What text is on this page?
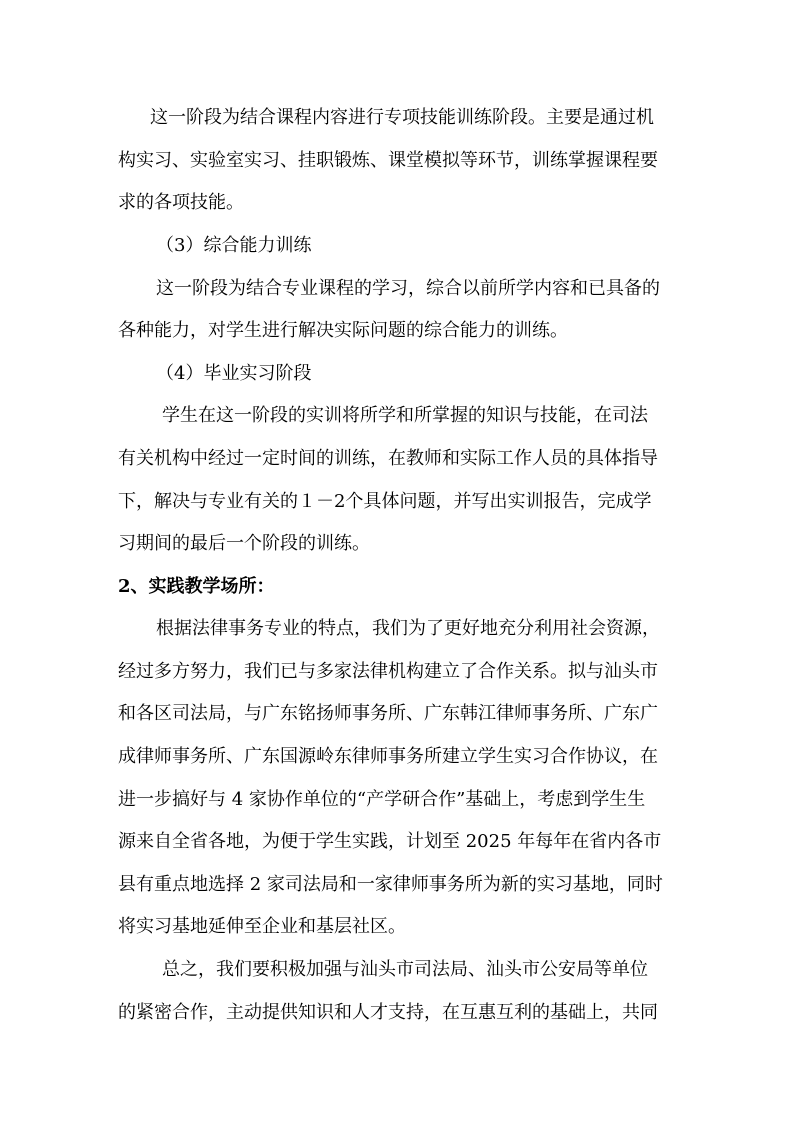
这一阶段为结合课程内容进行专项技能训练阶段。主要是通过机
构实习、实验室实习、挂职锻炼、课堂模拟等环节，训练掌握课程要
求的各项技能。
（3）综合能力训练
这一阶段为结合专业课程的学习，综合以前所学内容和已具备的
各种能力，对学生进行解决实际问题的综合能力的训练。
（4）毕业实习阶段
学生在这一阶段的实训将所学和所掌握的知识与技能，在司法
有关机构中经过一定时间的训练，在教师和实际工作人员的具体指导
下，解决与专业有关的１－2个具体问题，并写出实训报告，完成学
习期间的最后一个阶段的训练。
2、实践教学场所：
根据法律事务专业的特点，我们为了更好地充分利用社会资源，
经过多方努力，我们已与多家法律机构建立了合作关系。拟与汕头市
和各区司法局，与广东铭扬师事务所、广东韩江律师事务所、广东广
成律师事务所、广东国源岭东律师事务所建立学生实习合作协议，在
进一步搞好与 4 家协作单位的“产学研合作”基础上，考虑到学生生
源来自全省各地，为便于学生实践，计划至 2025 年每年在省内各市
县有重点地选择 2 家司法局和一家律师事务所为新的实习基地，同时
将实习基地延伸至企业和基层社区。
总之，我们要积极加强与汕头市司法局、汕头市公安局等单位
的紧密合作，主动提供知识和人才支持，在互惠互利的基础上，共同
